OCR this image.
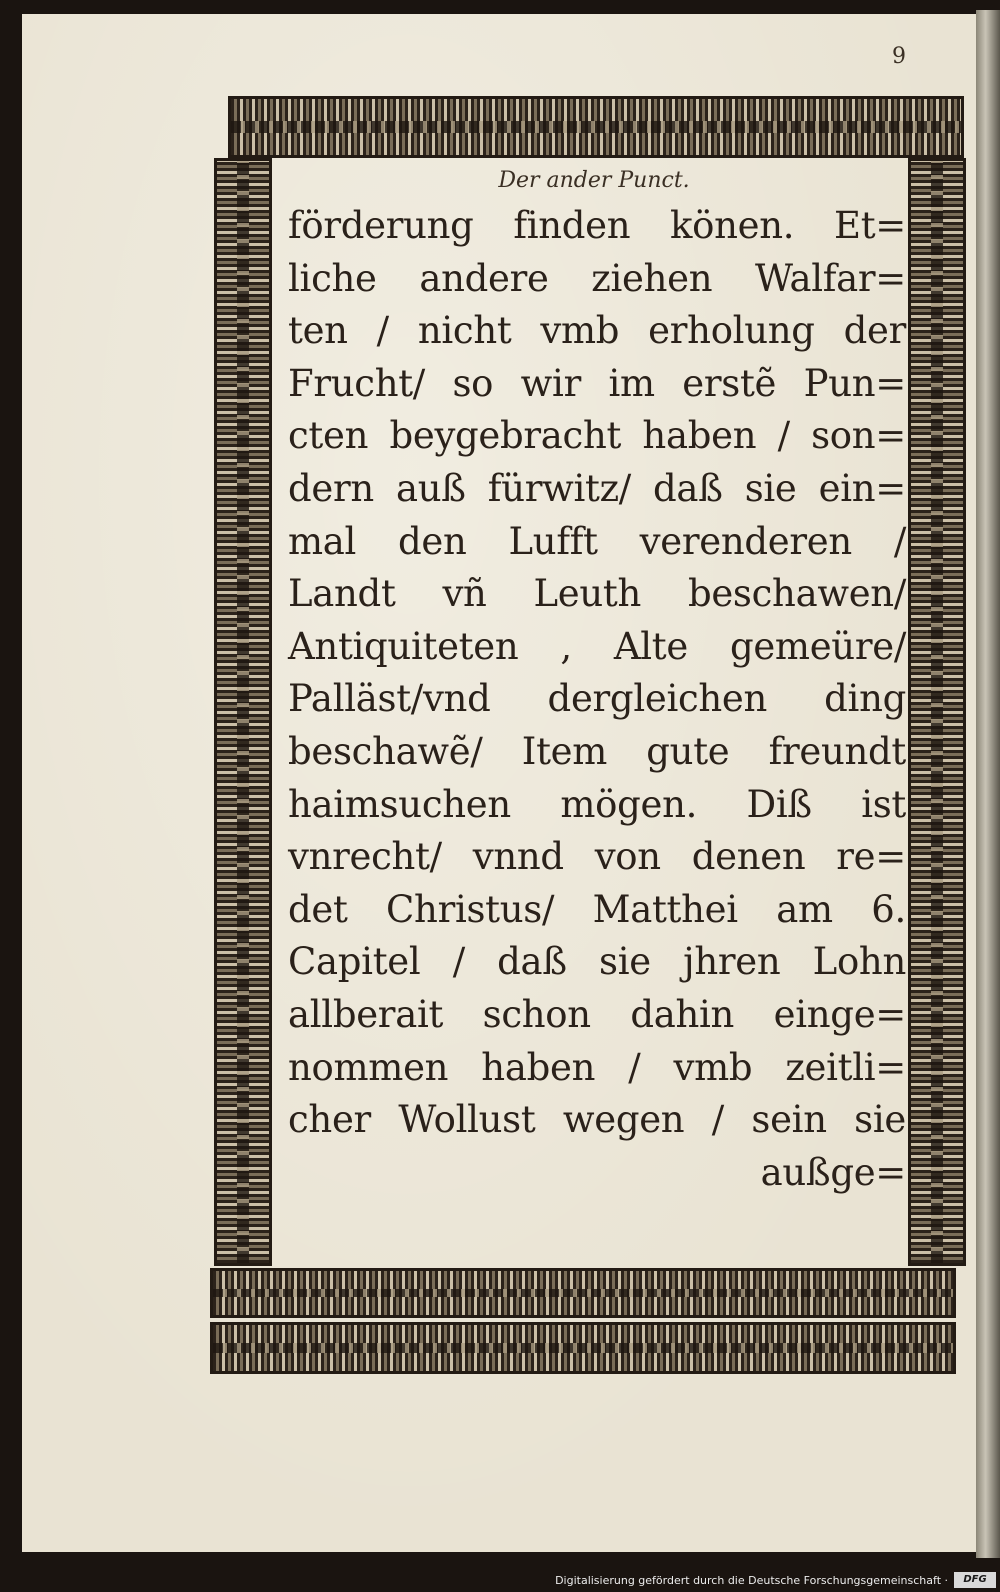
9
Der ander Punct.
förderung finden könen. Et=
liche andere ziehen Walfar=
ten / nicht vmb erholung der
Frucht/ so wir im erstẽ Pun=
cten beygebracht haben / son=
dern auß fürwitz/ daß sie ein=
mal den Lufft verenderen /
Landt vñ Leuth beschawen/
Antiquiteten , Alte gemeüre/
Palläst/vnd dergleichen ding
beschawẽ/ Item gute freundt
haimsuchen mögen. Diß ist
vnrecht/ vnnd von denen re=
det Christus/ Matthei am 6.
Capitel / daß sie jhren Lohn
allberait schon dahin einge=
nommen haben / vmb zeitli=
cher Wollust wegen / sein sie
außge=
Digitalisierung gefördert durch die Deutsche Forschungsgemeinschaft ·	DFG
